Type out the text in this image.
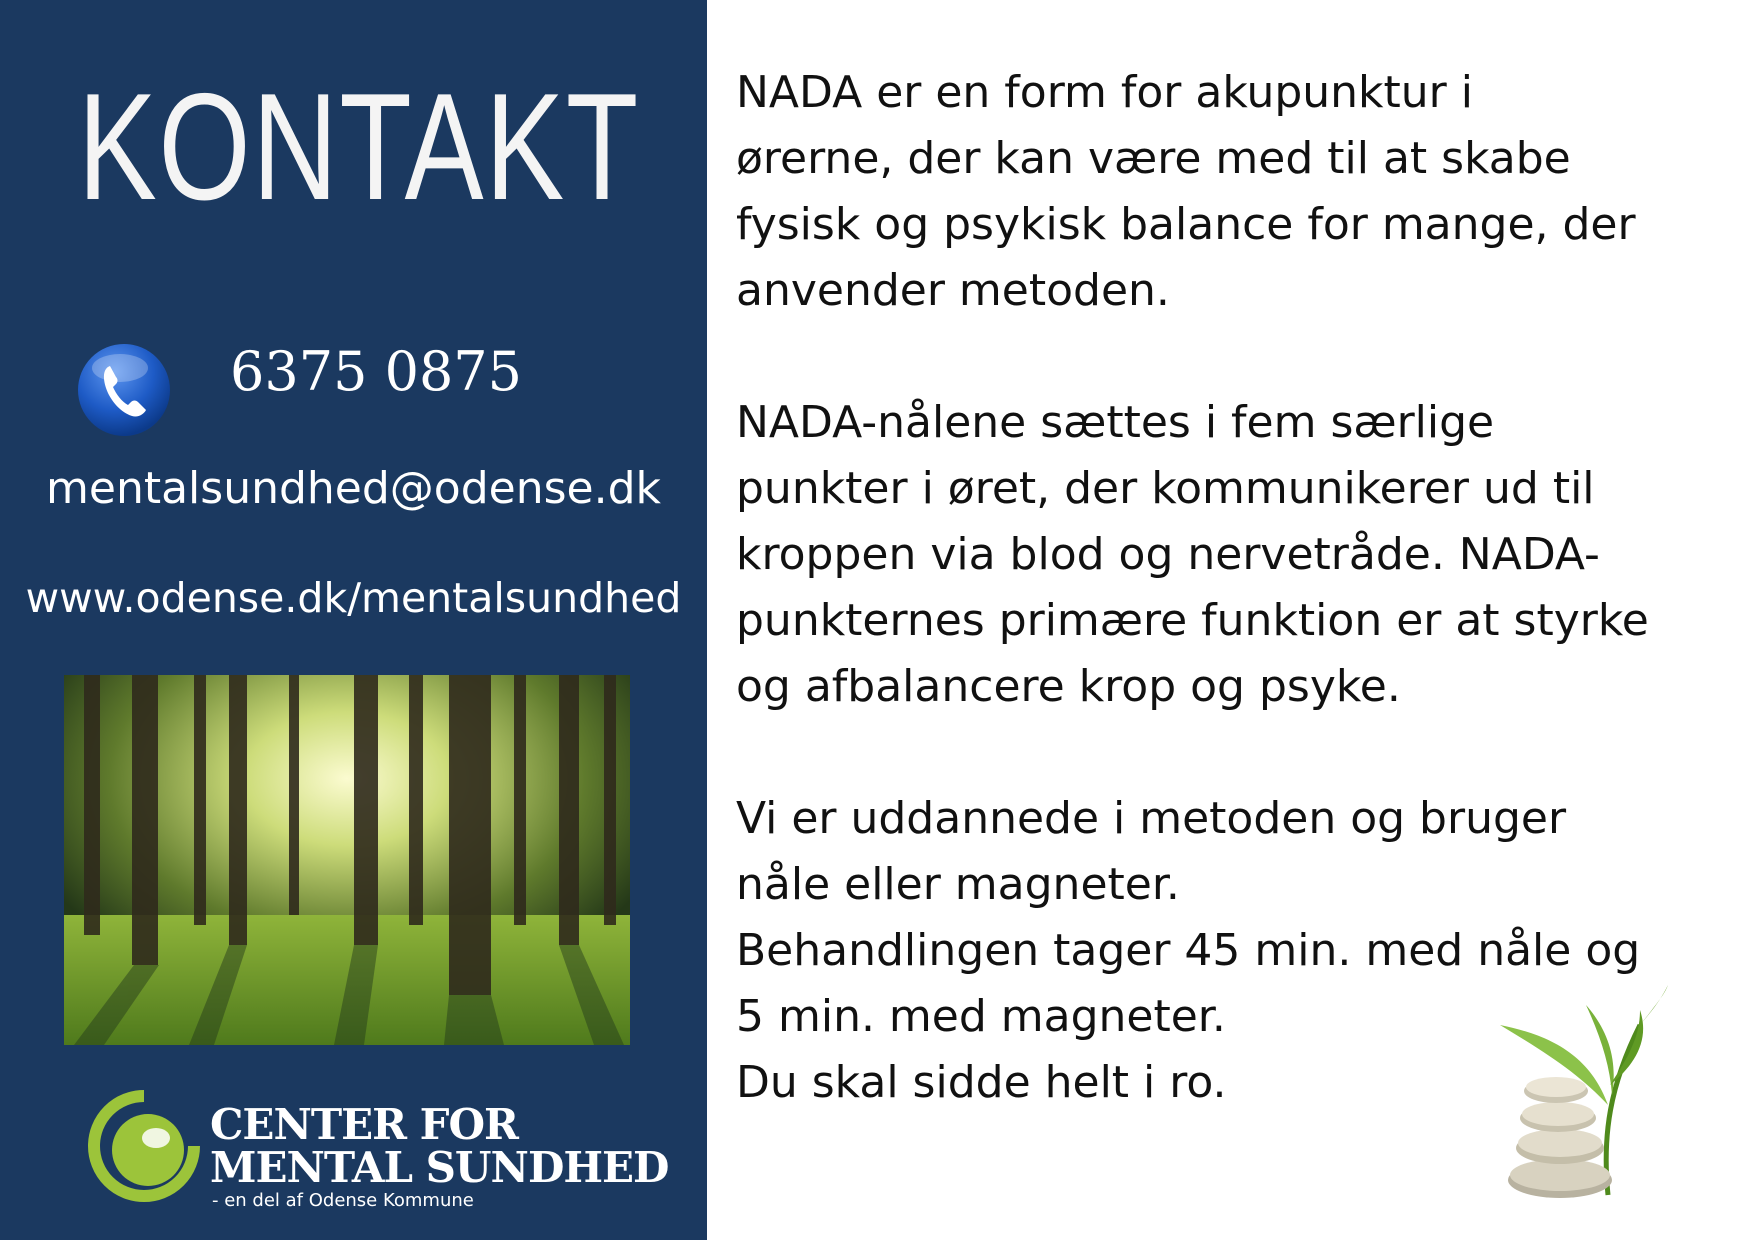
KONTAKT
6375 0875
mentalsundhed@odense.dk
www.odense.dk/mentalsundhed
CENTER FOR
MENTAL SUNDHED
- en del af Odense Kommune

NADA er en form for akupunktur i

ørerne, der kan være med til at skabe

fysisk og psykisk balance for mange, der

anvender metoden.

NADA-nålene sættes i fem særlige

punkter i øret, der kommunikerer ud til

kroppen via blod og nervetråde. NADA-

punkternes primære funktion er at styrke

og afbalancere krop og psyke.

Vi er uddannede i metoden og bruger

nåle eller magneter.

Behandlingen tager 45 min. med nåle og

5 min. med magneter.

Du skal sidde helt i ro.
